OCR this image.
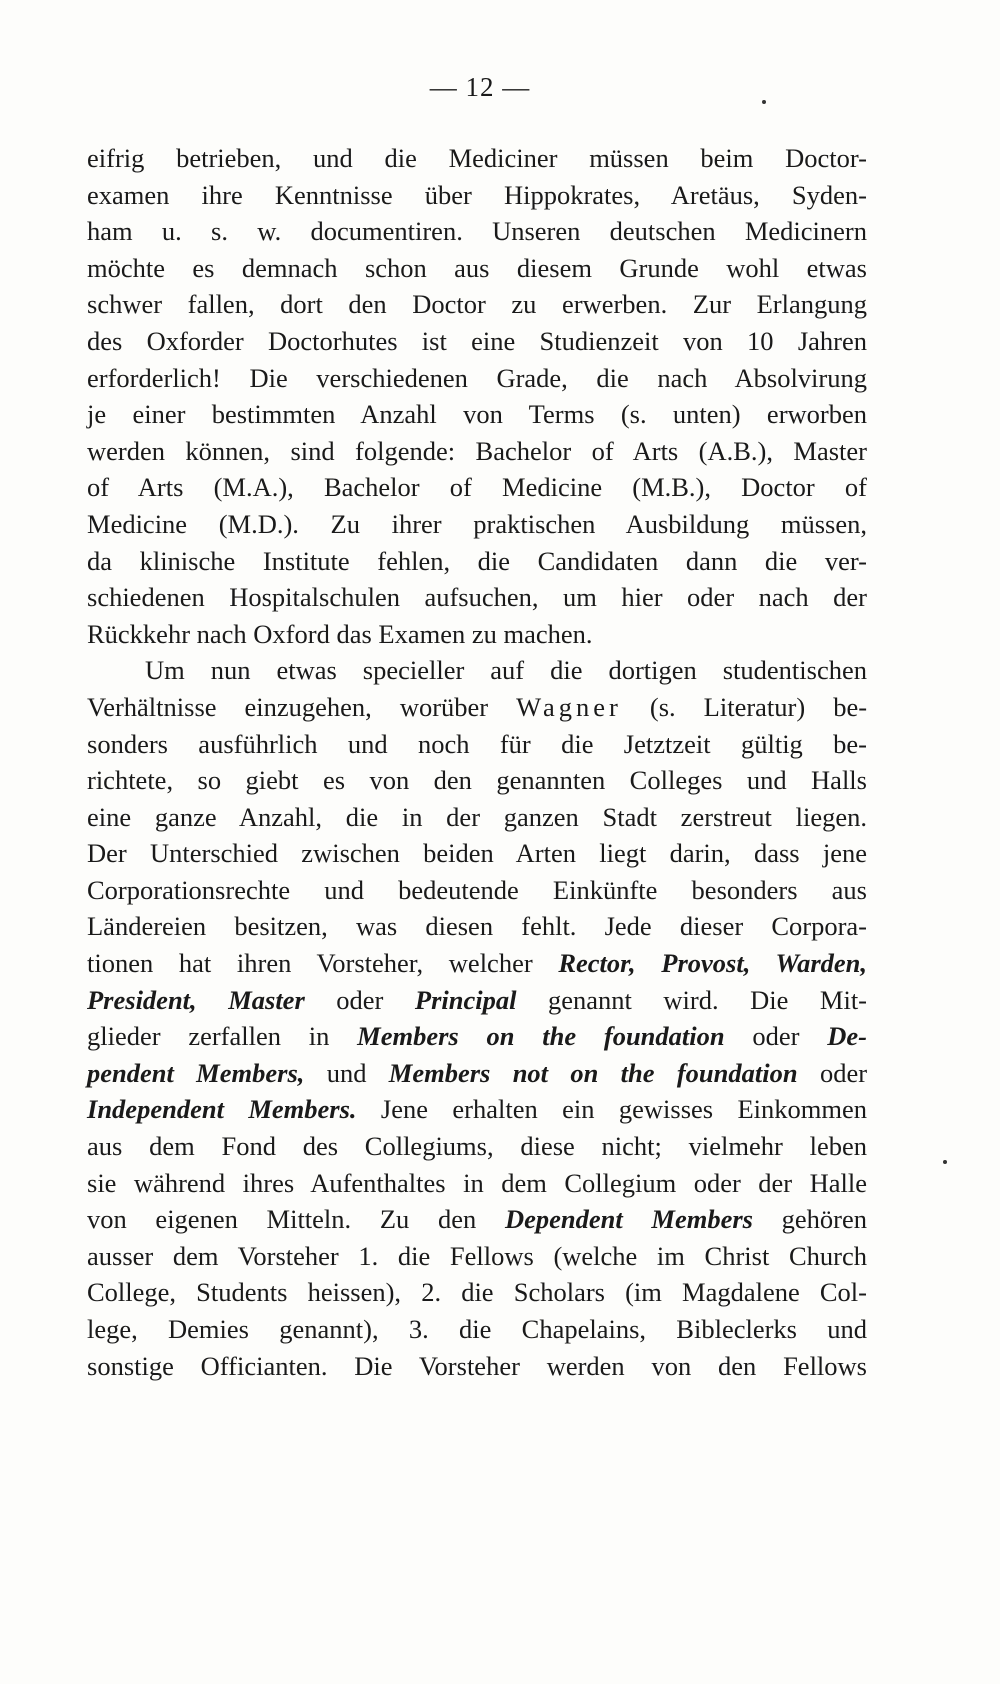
— 12 —
eifrig betrieben, und die Mediciner müssen beim Doctor-
examen ihre Kenntnisse über Hippokrates, Aretäus, Syden-
ham u. s. w. documentiren. Unseren deutschen Medicinern
möchte es demnach schon aus diesem Grunde wohl etwas
schwer fallen, dort den Doctor zu erwerben. Zur Erlangung
des Oxforder Doctorhutes ist eine Studienzeit von 10 Jahren
erforderlich! Die verschiedenen Grade, die nach Absolvirung
je einer bestimmten Anzahl von Terms (s. unten) erworben
werden können, sind folgende: Bachelor of Arts (A.B.), Master
of Arts (M.A.), Bachelor of Medicine (M.B.), Doctor of
Medicine (M.D.). Zu ihrer praktischen Ausbildung müssen,
da klinische Institute fehlen, die Candidaten dann die ver-
schiedenen Hospitalschulen aufsuchen, um hier oder nach der
Rückkehr nach Oxford das Examen zu machen.
Um nun etwas specieller auf die dortigen studentischen
Verhältnisse einzugehen, worüber Wagner (s. Literatur) be-
sonders ausführlich und noch für die Jetztzeit gültig be-
richtete, so giebt es von den genannten Colleges und Halls
eine ganze Anzahl, die in der ganzen Stadt zerstreut liegen.
Der Unterschied zwischen beiden Arten liegt darin, dass jene
Corporationsrechte und bedeutende Einkünfte besonders aus
Ländereien besitzen, was diesen fehlt. Jede dieser Corpora-
tionen hat ihren Vorsteher, welcher Rector, Provost, Warden,
President, Master oder Principal genannt wird. Die Mit-
glieder zerfallen in Members on the foundation oder De-
pendent Members, und Members not on the foundation oder
Independent Members. Jene erhalten ein gewisses Einkommen
aus dem Fond des Collegiums, diese nicht; vielmehr leben
sie während ihres Aufenthaltes in dem Collegium oder der Halle
von eigenen Mitteln. Zu den Dependent Members gehören
ausser dem Vorsteher 1. die Fellows (welche im Christ Church
College, Students heissen), 2. die Scholars (im Magdalene Col-
lege, Demies genannt), 3. die Chapelains, Bibleclerks und
sonstige Officianten. Die Vorsteher werden von den Fellows
